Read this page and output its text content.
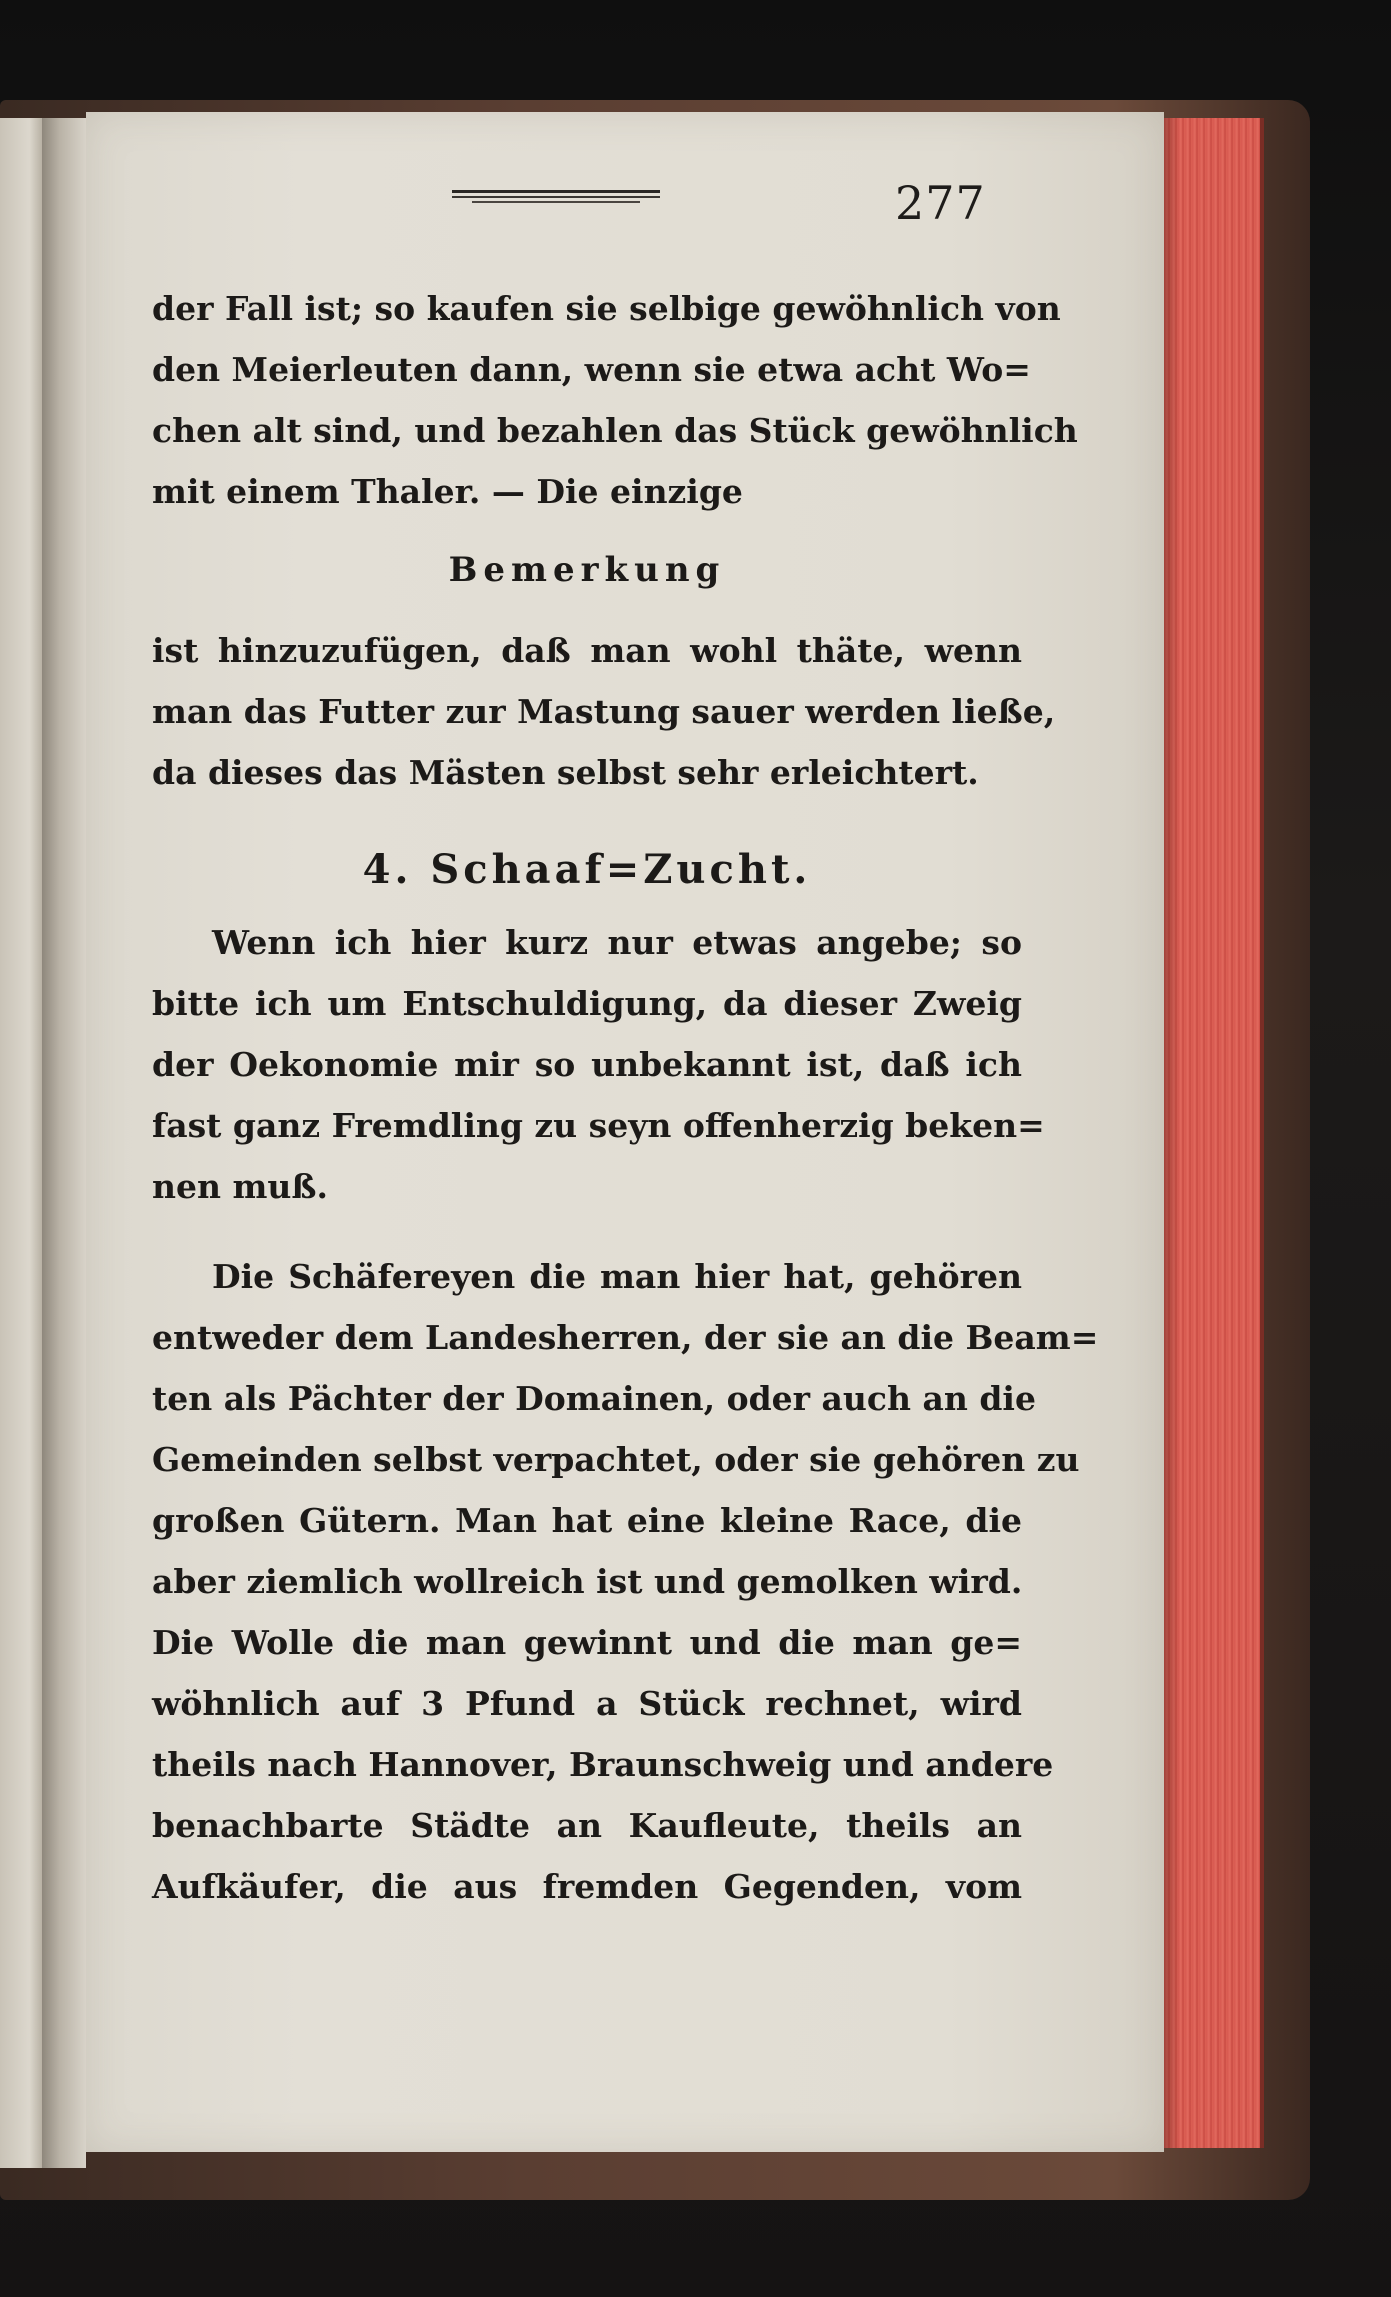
277
der Fall ist; so kaufen sie selbige gewöhnlich von
den Meierleuten dann, wenn sie etwa acht Wo=
chen alt sind, und bezahlen das Stück gewöhnlich
mit einem Thaler. — Die einzige
Bemerkung
ist hinzuzufügen, daß man wohl thäte, wenn
man das Futter zur Mastung sauer werden ließe,
da dieses das Mästen selbst sehr erleichtert.
4. Schaaf=Zucht.
Wenn ich hier kurz nur etwas angebe; so
bitte ich um Entschuldigung, da dieser Zweig
der Oekonomie mir so unbekannt ist, daß ich
fast ganz Fremdling zu seyn offenherzig beken=
nen muß.
Die Schäfereyen die man hier hat, gehören
entweder dem Landesherren, der sie an die Beam=
ten als Pächter der Domainen, oder auch an die
Gemeinden selbst verpachtet, oder sie gehören zu
großen Gütern. Man hat eine kleine Race, die
aber ziemlich wollreich ist und gemolken wird.
Die Wolle die man gewinnt und die man ge=
wöhnlich auf 3 Pfund a Stück rechnet, wird
theils nach Hannover, Braunschweig und andere
benachbarte Städte an Kaufleute, theils an
Aufkäufer, die aus fremden Gegenden, vom
